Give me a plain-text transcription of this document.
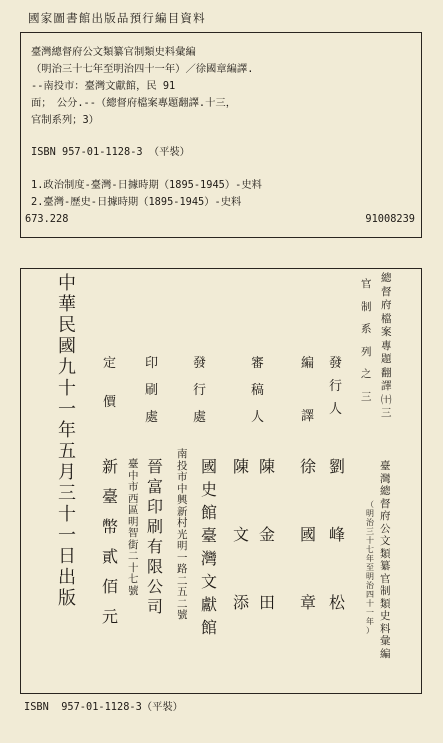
國家圖書館出版品預行編目資料
臺灣總督府公文類纂官制類史料彙編
（明治三十七年至明治四十一年）／徐國章編譯.
--南投市：臺灣文獻館，民 91
面；　公分.--（總督府檔案專題翻譯.十三，
官制系列；3）
ISBN 957-01-1128-3 （平裝）
1.政治制度-臺灣-日據時期（1895-1945）-史料
2.臺灣-歷史-日據時期（1895-1945）-史料
673.228	91008239
中
華
民
國
九
十
一
年
五
月
三
十
一
日
出
版
定
價
新
臺
幣
貳
佰
元
印
刷
處
晉
富
印
刷
有
限
公
司
臺
中
市
西
區
明
智
街
二
十
七
號
發
行
處
國
史
館
臺
灣
文
獻
館
南
投
市
中
興
新
村
光
明
一
路
二
五
二
號
審
稿
人
陳
文
添
陳
金
田
編
譯
徐
國
章
發
行
人
劉
峰
松
官
制
系
列
之
三
總
督
府
檔
案
專
題
翻
譯
㈩
三
臺
灣
總
督
府
公
文
類
纂
官
制
類
史
料
彙
編
（
明
治
三
十
七
年
至
明
治
四
十
一
年
）
ISBN  957-01-1128-3（平裝）
